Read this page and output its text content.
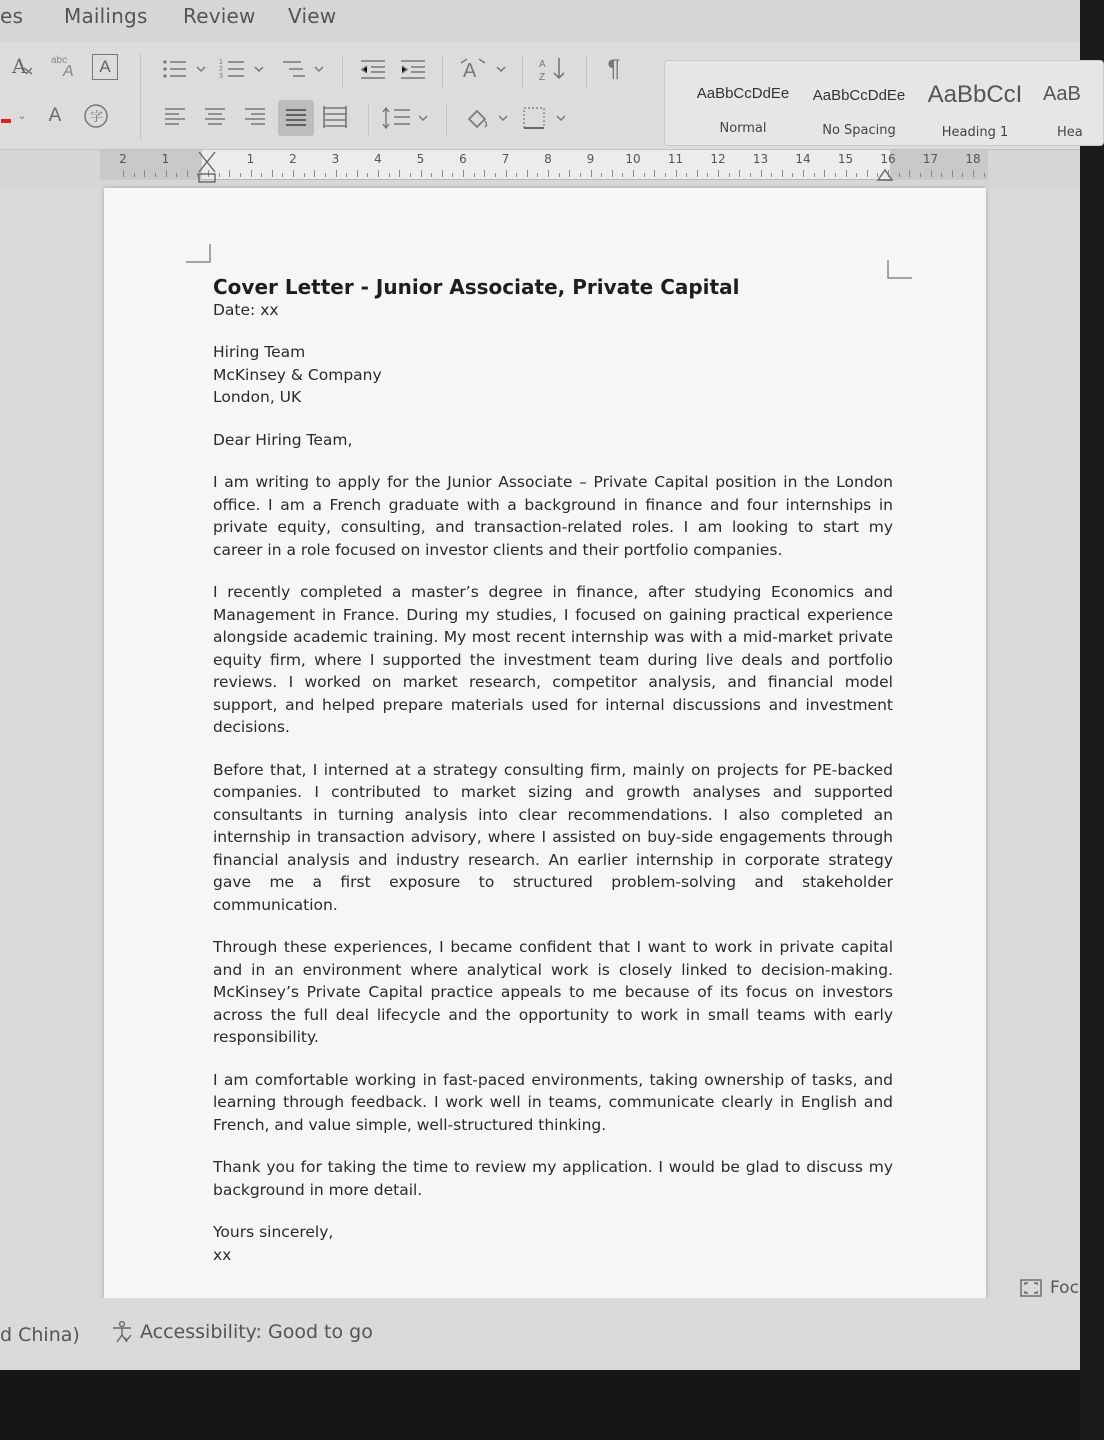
es Mailings Review View
A abc
A A
⌄ A	字
1
2
3	A	A
Z	¶
AaBbCcDdEe
Normal
AaBbCcDdEe
No Spacing
AaBbCcI
Heading 1
AaB
Hea
2	1	1	2	3	4	5	6	7	8	9	10 11 12 13 14 15 16 17 18

Cover Letter - Junior Associate, Private Capital

Date: xx

Hiring Team

McKinsey & Company

London, UK

Dear Hiring Team,

I am writing to apply for the Junior Associate – Private Capital position in the London office. I am a French graduate with a background in finance and four internships in private equity, consulting, and transaction-related roles. I am looking to start my career in a role focused on investor clients and their portfolio companies.

I recently completed a master’s degree in finance, after studying Economics and Management in France. During my studies, I focused on gaining practical experience alongside academic training. My most recent internship was with a mid-market private equity firm, where I supported the investment team during live deals and portfolio reviews. I worked on market research, competitor analysis, and financial model support, and helped prepare materials used for internal discussions and investment decisions.

Before that, I interned at a strategy consulting firm, mainly on projects for PE-backed companies. I contributed to market sizing and growth analyses and supported consultants in turning analysis into clear recommendations. I also completed an internship in transaction advisory, where I assisted on buy-side engagements through financial analysis and industry research. An earlier internship in corporate strategy gave me a first exposure to structured problem-solving and stakeholder communication.

Through these experiences, I became confident that I want to work in private capital and in an environment where analytical work is closely linked to decision-making. McKinsey’s Private Capital practice appeals to me because of its focus on investors across the full deal lifecycle and the opportunity to work in small teams with early responsibility.

I am comfortable working in fast-paced environments, taking ownership of tasks, and learning through feedback. I work well in teams, communicate clearly in English and French, and value simple, well-structured thinking.

Thank you for taking the time to review my application. I would be glad to discuss my background in more detail.

Yours sincerely,

xx

d China)	Accessibility: Good to go
Foc
